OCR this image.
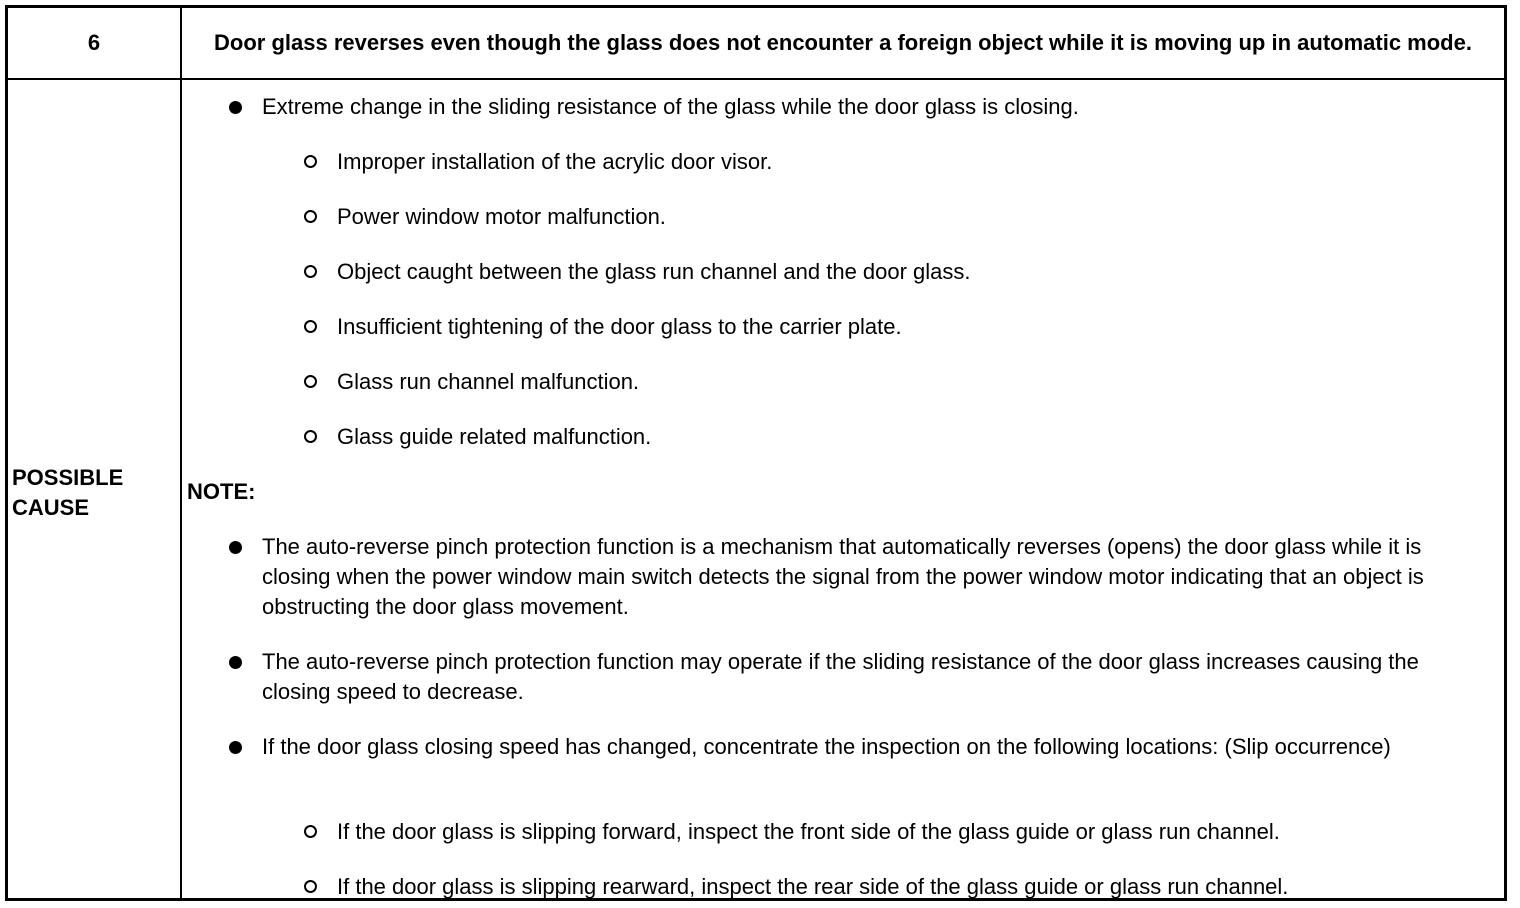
6	Door glass reverses even though the glass does not encounter a foreign object while it is moving up in automatic mode.
POSSIBLE CAUSE
Extreme change in the sliding resistance of the glass while the door glass is closing.
Improper installation of the acrylic door visor.
Power window motor malfunction.
Object caught between the glass run channel and the door glass.
Insufficient tightening of the door glass to the carrier plate.
Glass run channel malfunction.
Glass guide related malfunction.
NOTE:
The auto-reverse pinch protection function is a mechanism that automatically reverses (opens) the door glass while it is closing when the power window main switch detects the signal from the power window motor indicating that an object is obstructing the door glass movement.
The auto-reverse pinch protection function may operate if the sliding resistance of the door glass increases causing the closing speed to decrease.
If the door glass closing speed has changed, concentrate the inspection on the following locations: (Slip occurrence)
If the door glass is slipping forward, inspect the front side of the glass guide or glass run channel.
If the door glass is slipping rearward, inspect the rear side of the glass guide or glass run channel.
